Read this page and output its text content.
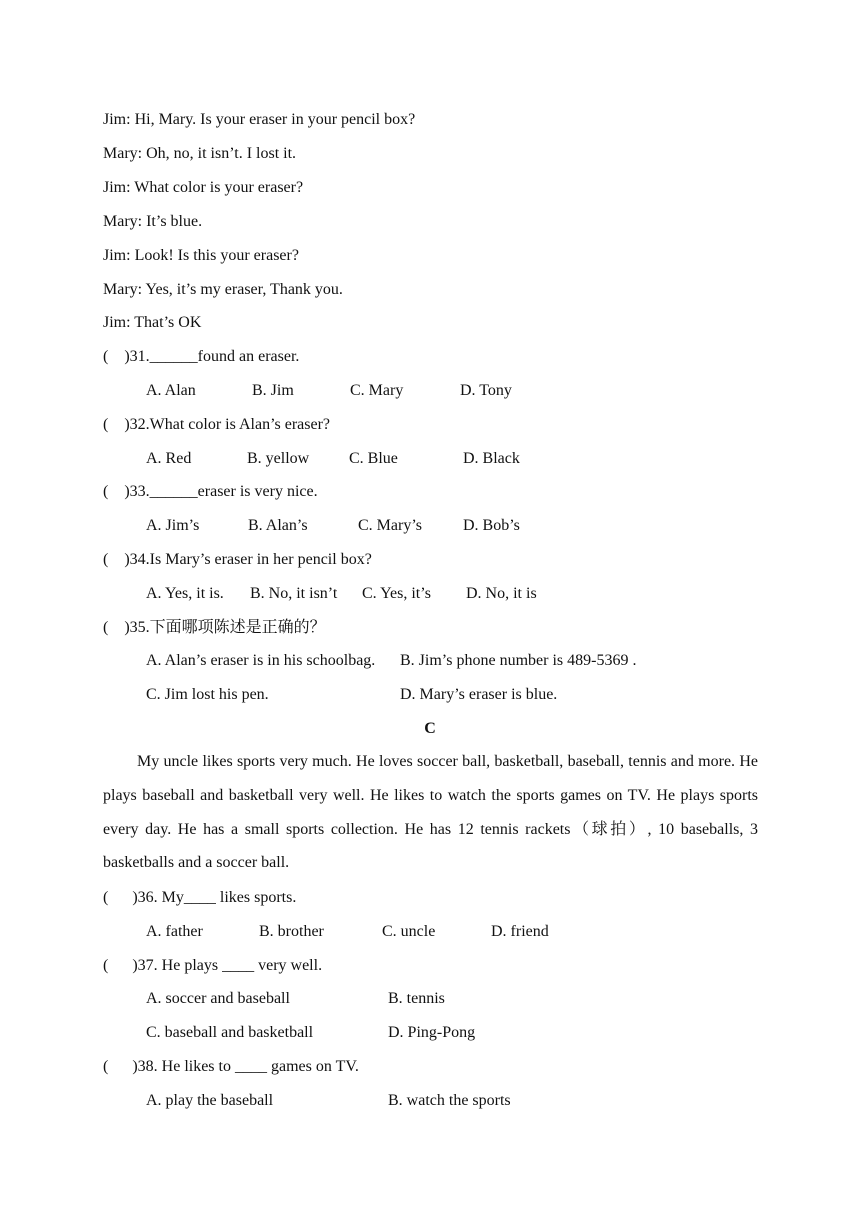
Jim: Hi, Mary. Is your eraser in your pencil box?
Mary: Oh, no, it isn’t. I lost it.
Jim: What color is your eraser?
Mary: It’s blue.
Jim: Look! Is this your eraser?
Mary: Yes, it’s my eraser, Thank you.
Jim: That’s OK
(    )31.______found an eraser.
A. Alan	B. Jim	C. Mary	D. Tony
(    )32.What color is Alan’s eraser?
A. Red	B. yellow C. Blue	D. Black
(    )33.______eraser is very nice.
A. Jim’s	B. Alan’s	C. Mary’s	D. Bob’s
(    )34.Is Mary’s eraser in her pencil box?
A. Yes, it is. B. No, it isn’t C. Yes, it’s D. No, it is
(    )35.下面哪项陈述是正确的？
A. Alan’s eraser is in his schoolbag. B. Jim’s phone number is 489-5369 .
C. Jim lost his pen.	D. Mary’s eraser is blue.
C
My uncle likes sports very much. He loves soccer ball, basketball, baseball, tennis and more. He plays baseball and basketball very well. He likes to watch the sports games on TV. He plays sports every day. He has a small sports collection. He has 12 tennis rackets（球拍）, 10 baseballs, 3 basketballs and a soccer ball.
(      )36. My____ likes sports.
A. father	B. brother	C. uncle	D. friend
(      )37. He plays ____ very well.
A. soccer and baseball	B. tennis
C. baseball and basketball	D. Ping-Pong
(      )38. He likes to ____ games on TV.
A. play the baseball	B. watch the sports
